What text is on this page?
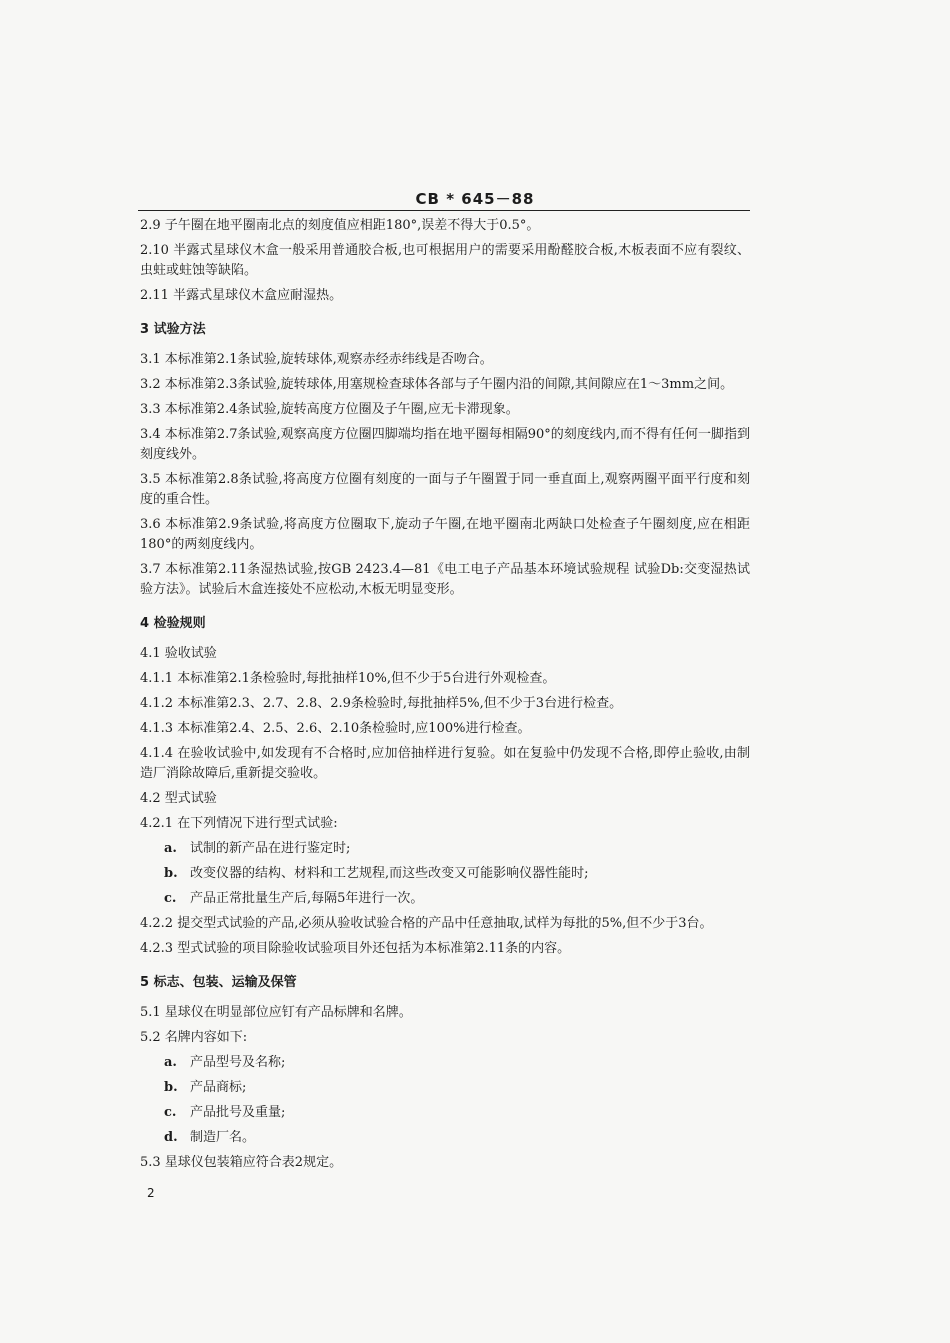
CB * 645－88
2.9 子午圈在地平圈南北点的刻度值应相距180°,误差不得大于0.5°。
2.10 半露式星球仪木盒一般采用普通胶合板,也可根据用户的需要采用酚醛胶合板,木板表面不应有裂纹、虫蛀或蛀蚀等缺陷。
2.11 半露式星球仪木盒应耐湿热。
3 试验方法
3.1 本标准第2.1条试验,旋转球体,观察赤经赤纬线是否吻合。
3.2 本标准第2.3条试验,旋转球体,用塞规检查球体各部与子午圈内沿的间隙,其间隙应在1～3mm之间。
3.3 本标准第2.4条试验,旋转高度方位圈及子午圈,应无卡滞现象。
3.4 本标准第2.7条试验,观察高度方位圈四脚端均指在地平圈每相隔90°的刻度线内,而不得有任何一脚指到刻度线外。
3.5 本标准第2.8条试验,将高度方位圈有刻度的一面与子午圈置于同一垂直面上,观察两圈平面平行度和刻度的重合性。
3.6 本标准第2.9条试验,将高度方位圈取下,旋动子午圈,在地平圈南北两缺口处检查子午圈刻度,应在相距180°的两刻度线内。
3.7 本标准第2.11条湿热试验,按GB 2423.4—81《电工电子产品基本环境试验规程 试验Db:交变湿热试验方法》。试验后木盒连接处不应松动,木板无明显变形。
4 检验规则
4.1 验收试验
4.1.1 本标准第2.1条检验时,每批抽样10%,但不少于5台进行外观检查。
4.1.2 本标准第2.3、2.7、2.8、2.9条检验时,每批抽样5%,但不少于3台进行检查。
4.1.3 本标准第2.4、2.5、2.6、2.10条检验时,应100%进行检查。
4.1.4 在验收试验中,如发现有不合格时,应加倍抽样进行复验。如在复验中仍发现不合格,即停止验收,由制造厂消除故障后,重新提交验收。
4.2 型式试验
4.2.1 在下列情况下进行型式试验:
a. 试制的新产品在进行鉴定时;
b. 改变仪器的结构、材料和工艺规程,而这些改变又可能影响仪器性能时;
c. 产品正常批量生产后,每隔5年进行一次。
4.2.2 提交型式试验的产品,必须从验收试验合格的产品中任意抽取,试样为每批的5%,但不少于3台。
4.2.3 型式试验的项目除验收试验项目外还包括为本标准第2.11条的内容。
5 标志、包装、运输及保管
5.1 星球仪在明显部位应钉有产品标牌和名牌。
5.2 名牌内容如下:
a. 产品型号及名称;
b. 产品商标;
c. 产品批号及重量;
d. 制造厂名。
5.3 星球仪包装箱应符合表2规定。
2
